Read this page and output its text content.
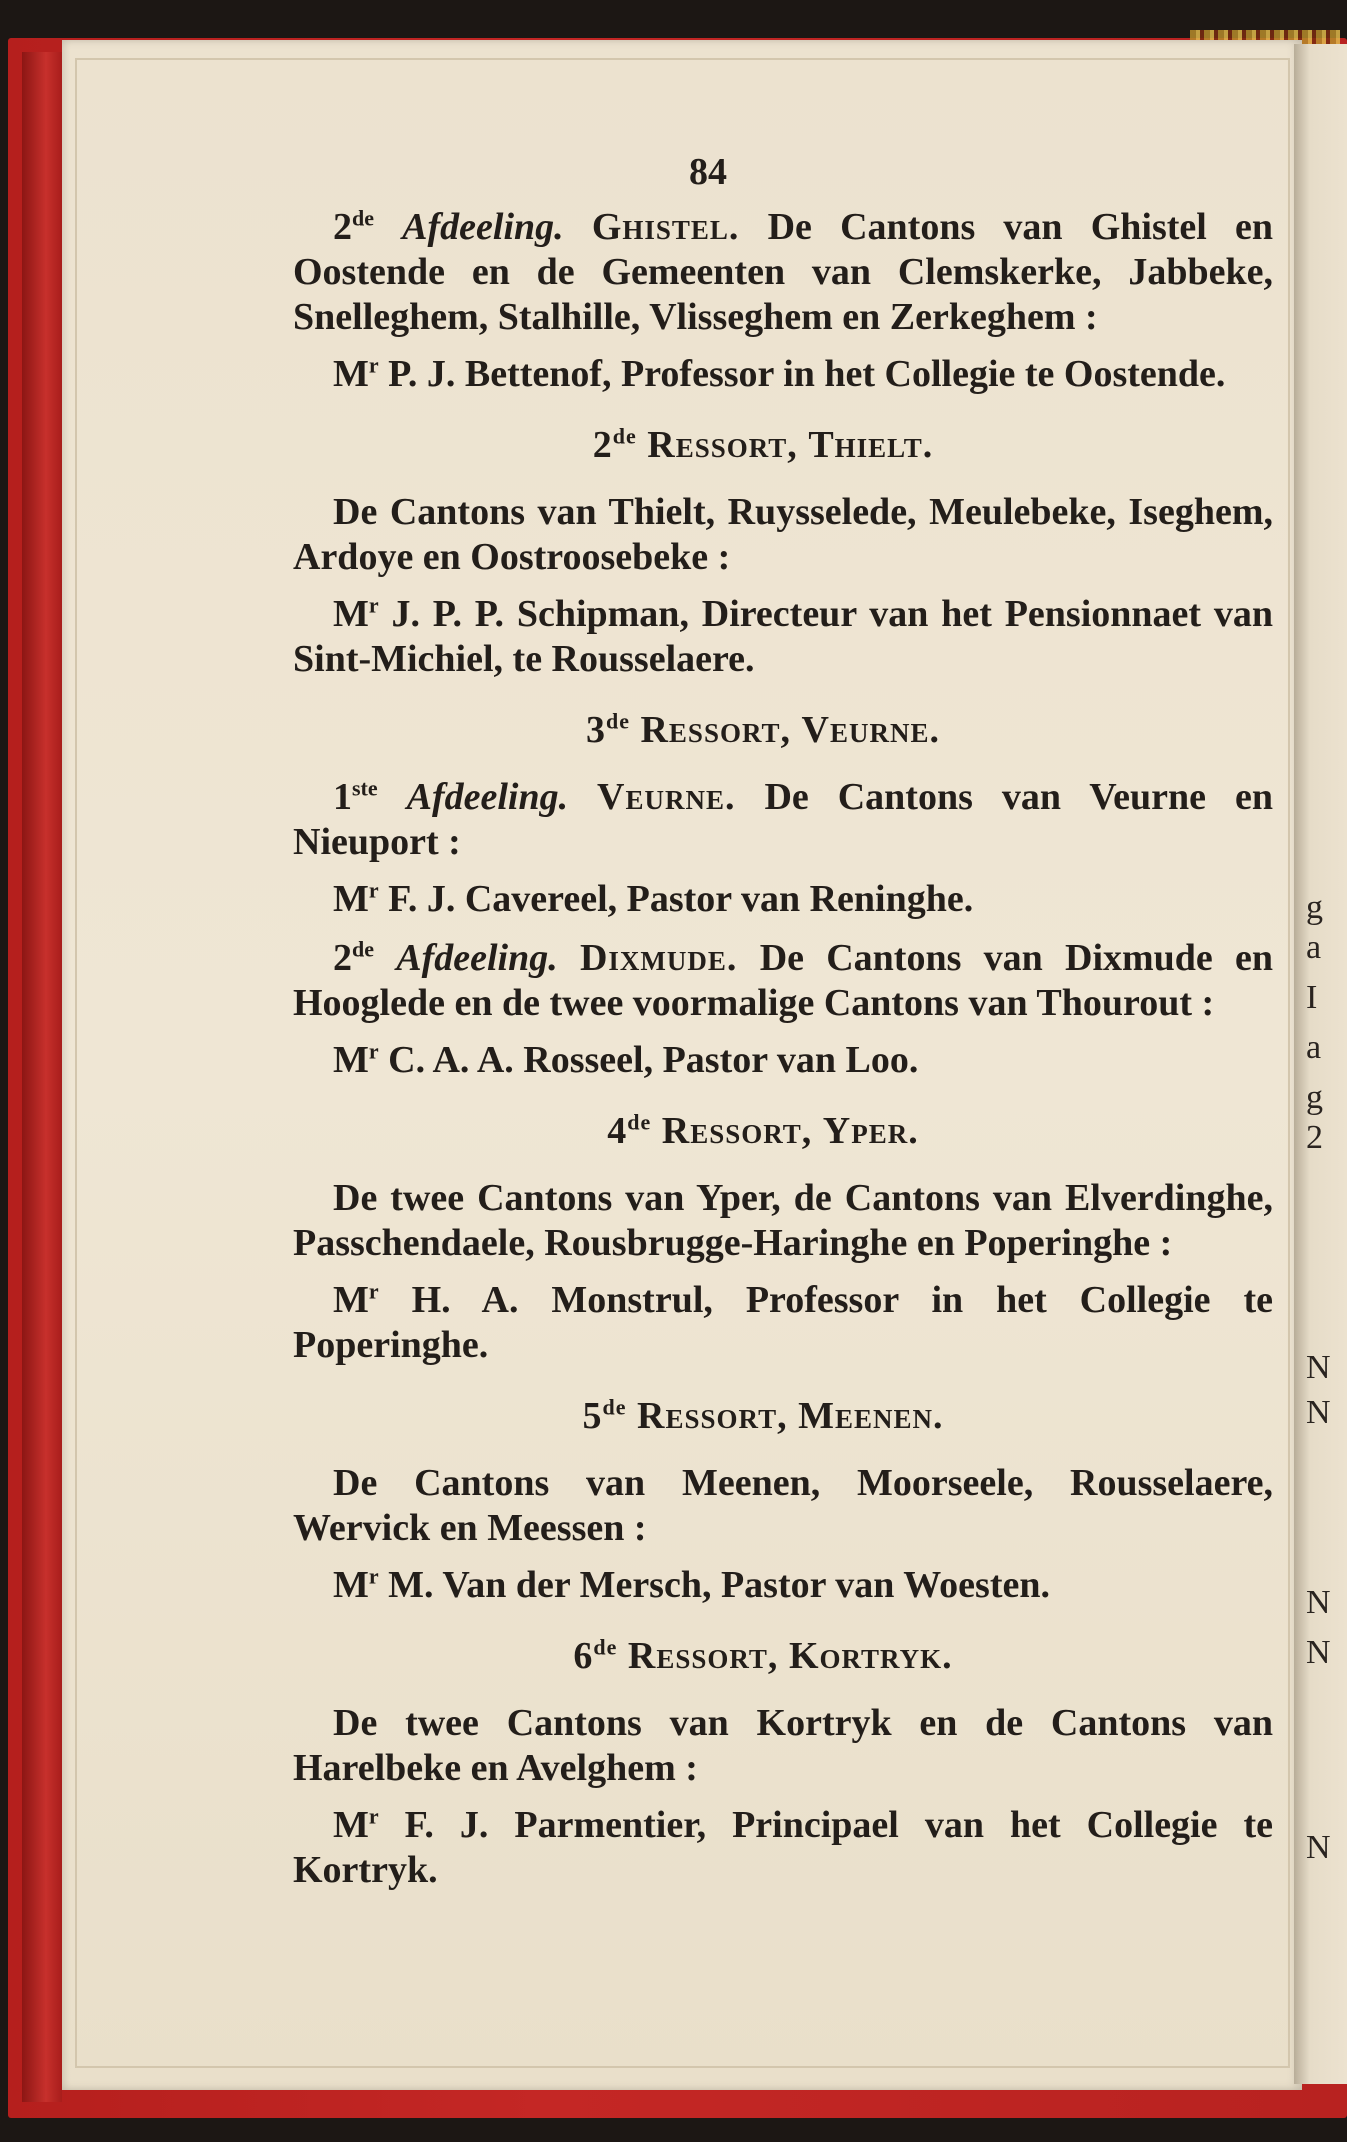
g
a
I
a
g
2
N
N
N
N
N
84

2de Afdeeling. Ghistel. De Cantons van Ghistel en Oostende en de Gemeenten van Clemskerke, Jabbeke, Snelleghem, Stalhille, Vlisseghem en Zerkeghem :

$M^r$ P. J. Bettenof, Professor in het Collegie te Oostende.

2de Ressort, Thielt.

De Cantons van Thielt, Ruysselede, Meulebeke, Iseghem, Ardoye en Oostroosebeke :

$M^r$ J. P. P. Schipman, Directeur van het Pensionnaet van Sint-Michiel, te Rousselaere.

3de Ressort, Veurne.

1ste Afdeeling. Veurne. De Cantons van Veurne en Nieuport :

$M^r$ F. J. Cavereel, Pastor van Reninghe.

2de Afdeeling. Dixmude. De Cantons van Dixmude en Hooglede en de twee voormalige Cantons van Thourout :

$M^r$ C. A. A. Rosseel, Pastor van Loo.

4de Ressort, Yper.

De twee Cantons van Yper, de Cantons van Elverdinghe, Passchendaele, Rousbrugge-Haringhe en Poperinghe :

$M^r$ H. A. Monstrul, Professor in het Collegie te Poperinghe.

5de Ressort, Meenen.

De Cantons van Meenen, Moorseele, Rousselaere, Wervick en Meessen :

$M^r$ M. Van der Mersch, Pastor van Woesten.

6de Ressort, Kortryk.

De twee Cantons van Kortryk en de Cantons van Harelbeke en Avelghem :

$M^r$ F. J. Parmentier, Principael van het Collegie te Kortryk.
